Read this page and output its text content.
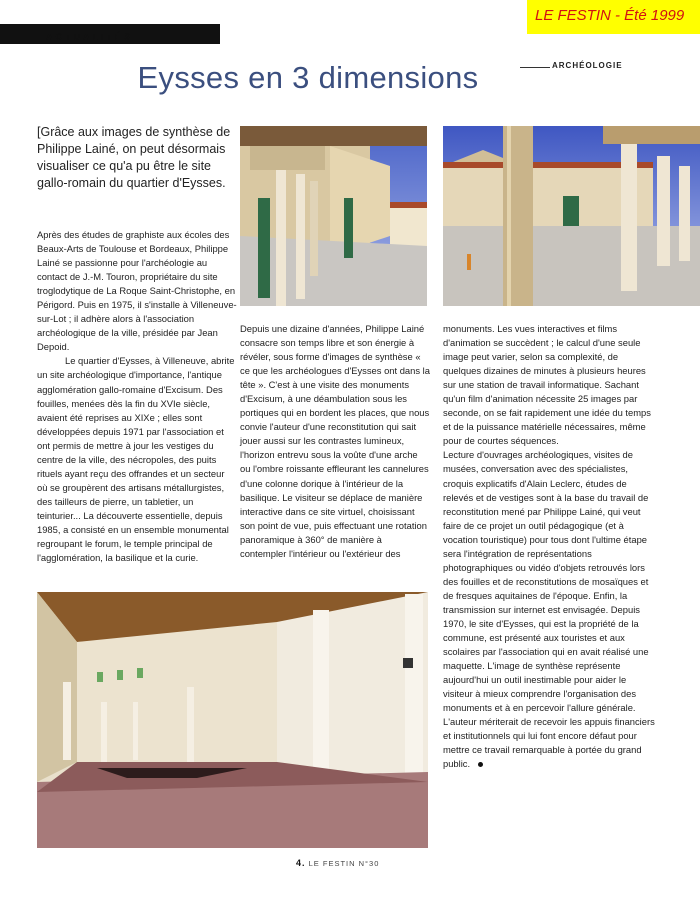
ACTUALITÉS
LE FESTIN - Été 1999
ARCHÉOLOGIE
Eysses en 3 dimensions
[Grâce aux images de synthèse de Philippe Lainé, on peut désormais visualiser ce qu'a pu être le site gallo-romain du quartier d'Eysses.

Après des études de graphiste aux écoles des Beaux-Arts de Toulouse et Bordeaux, Philippe Lainé se passionne pour l'archéologie au contact de J.-M. Touron, propriétaire du site troglodytique de La Roque Saint-Christophe, en Périgord. Puis en 1975, il s'installe à Villeneuve-sur-Lot ; il adhère alors à l'association archéologique de la ville, présidée par Jean Depoid.

Le quartier d'Eysses, à Villeneuve, abrite un site archéologique d'importance, l'antique agglomération gallo-romaine d'Excisum. Des fouilles, menées dès la fin du XVIe siècle, avaient été reprises au XIXe ; elles sont développées depuis 1971 par l'association et ont permis de mettre à jour les vestiges du centre de la ville, des nécropoles, des puits rituels ayant reçu des offrandes et un secteur où se groupèrent des artisans métallurgistes, des tailleurs de pierre, un tabletier, un teinturier... La découverte essentielle, depuis 1985, a consisté en un ensemble monumental regroupant le forum, le temple principal de l'agglomération, la basilique et la curie.

Depuis une dizaine d'années, Philippe Lainé consacre son temps libre et son énergie à révéler, sous forme d'images de synthèse « ce que les archéologues d'Eysses ont dans la tête ». C'est à une visite des monuments d'Excisum, à une déambulation sous les portiques qui en bordent les places, que nous convie l'auteur d'une reconstitution qui sait jouer aussi sur les contrastes lumineux, l'horizon entrevu sous la voûte d'une arche ou l'ombre roissante effleurant les cannelures d'une colonne dorique à l'intérieur de la basilique. Le visiteur se déplace de manière interactive dans ce site virtuel, choisissant son point de vue, puis effectuant une rotation panoramique à 360° de manière à contempler l'intérieur ou l'extérieur des

monuments. Les vues interactives et films d'animation se succèdent ; le calcul d'une seule image peut varier, selon sa complexité, de quelques dizaines de minutes à plusieurs heures sur une station de travail informatique. Sachant qu'un film d'animation nécessite 25 images par seconde, on se fait rapidement une idée du temps et de la puissance matérielle nécessaires, même pour de courtes séquences.

Lecture d'ouvrages archéologiques, visites de musées, conversation avec des spécialistes, croquis explicatifs d'Alain Leclerc, études de relevés et de vestiges sont à la base du travail de reconstitution mené par Philippe Lainé, qui veut faire de ce projet un outil pédagogique (et à vocation touristique) pour tous dont l'ultime étape sera l'intégration de représentations photographiques ou vidéo d'objets retrouvés lors des fouilles et de reconstitutions de mosaïques et de fresques aquitaines de l'époque. Enfin, la transmission sur internet est envisagée. Depuis 1970, le site d'Eysses, qui est la propriété de la commune, est présenté aux touristes et aux scolaires par l'association qui en avait réalisé une maquette. L'image de synthèse représente aujourd'hui un outil inestimable pour aider le visiteur à mieux comprendre l'organisation des monuments et à en percevoir l'allure générale. L'auteur mériterait de recevoir les appuis financiers et institutionnels qui lui font encore défaut pour mettre ce travail remarquable à portée du grand public.

4. LE FESTIN N°30
